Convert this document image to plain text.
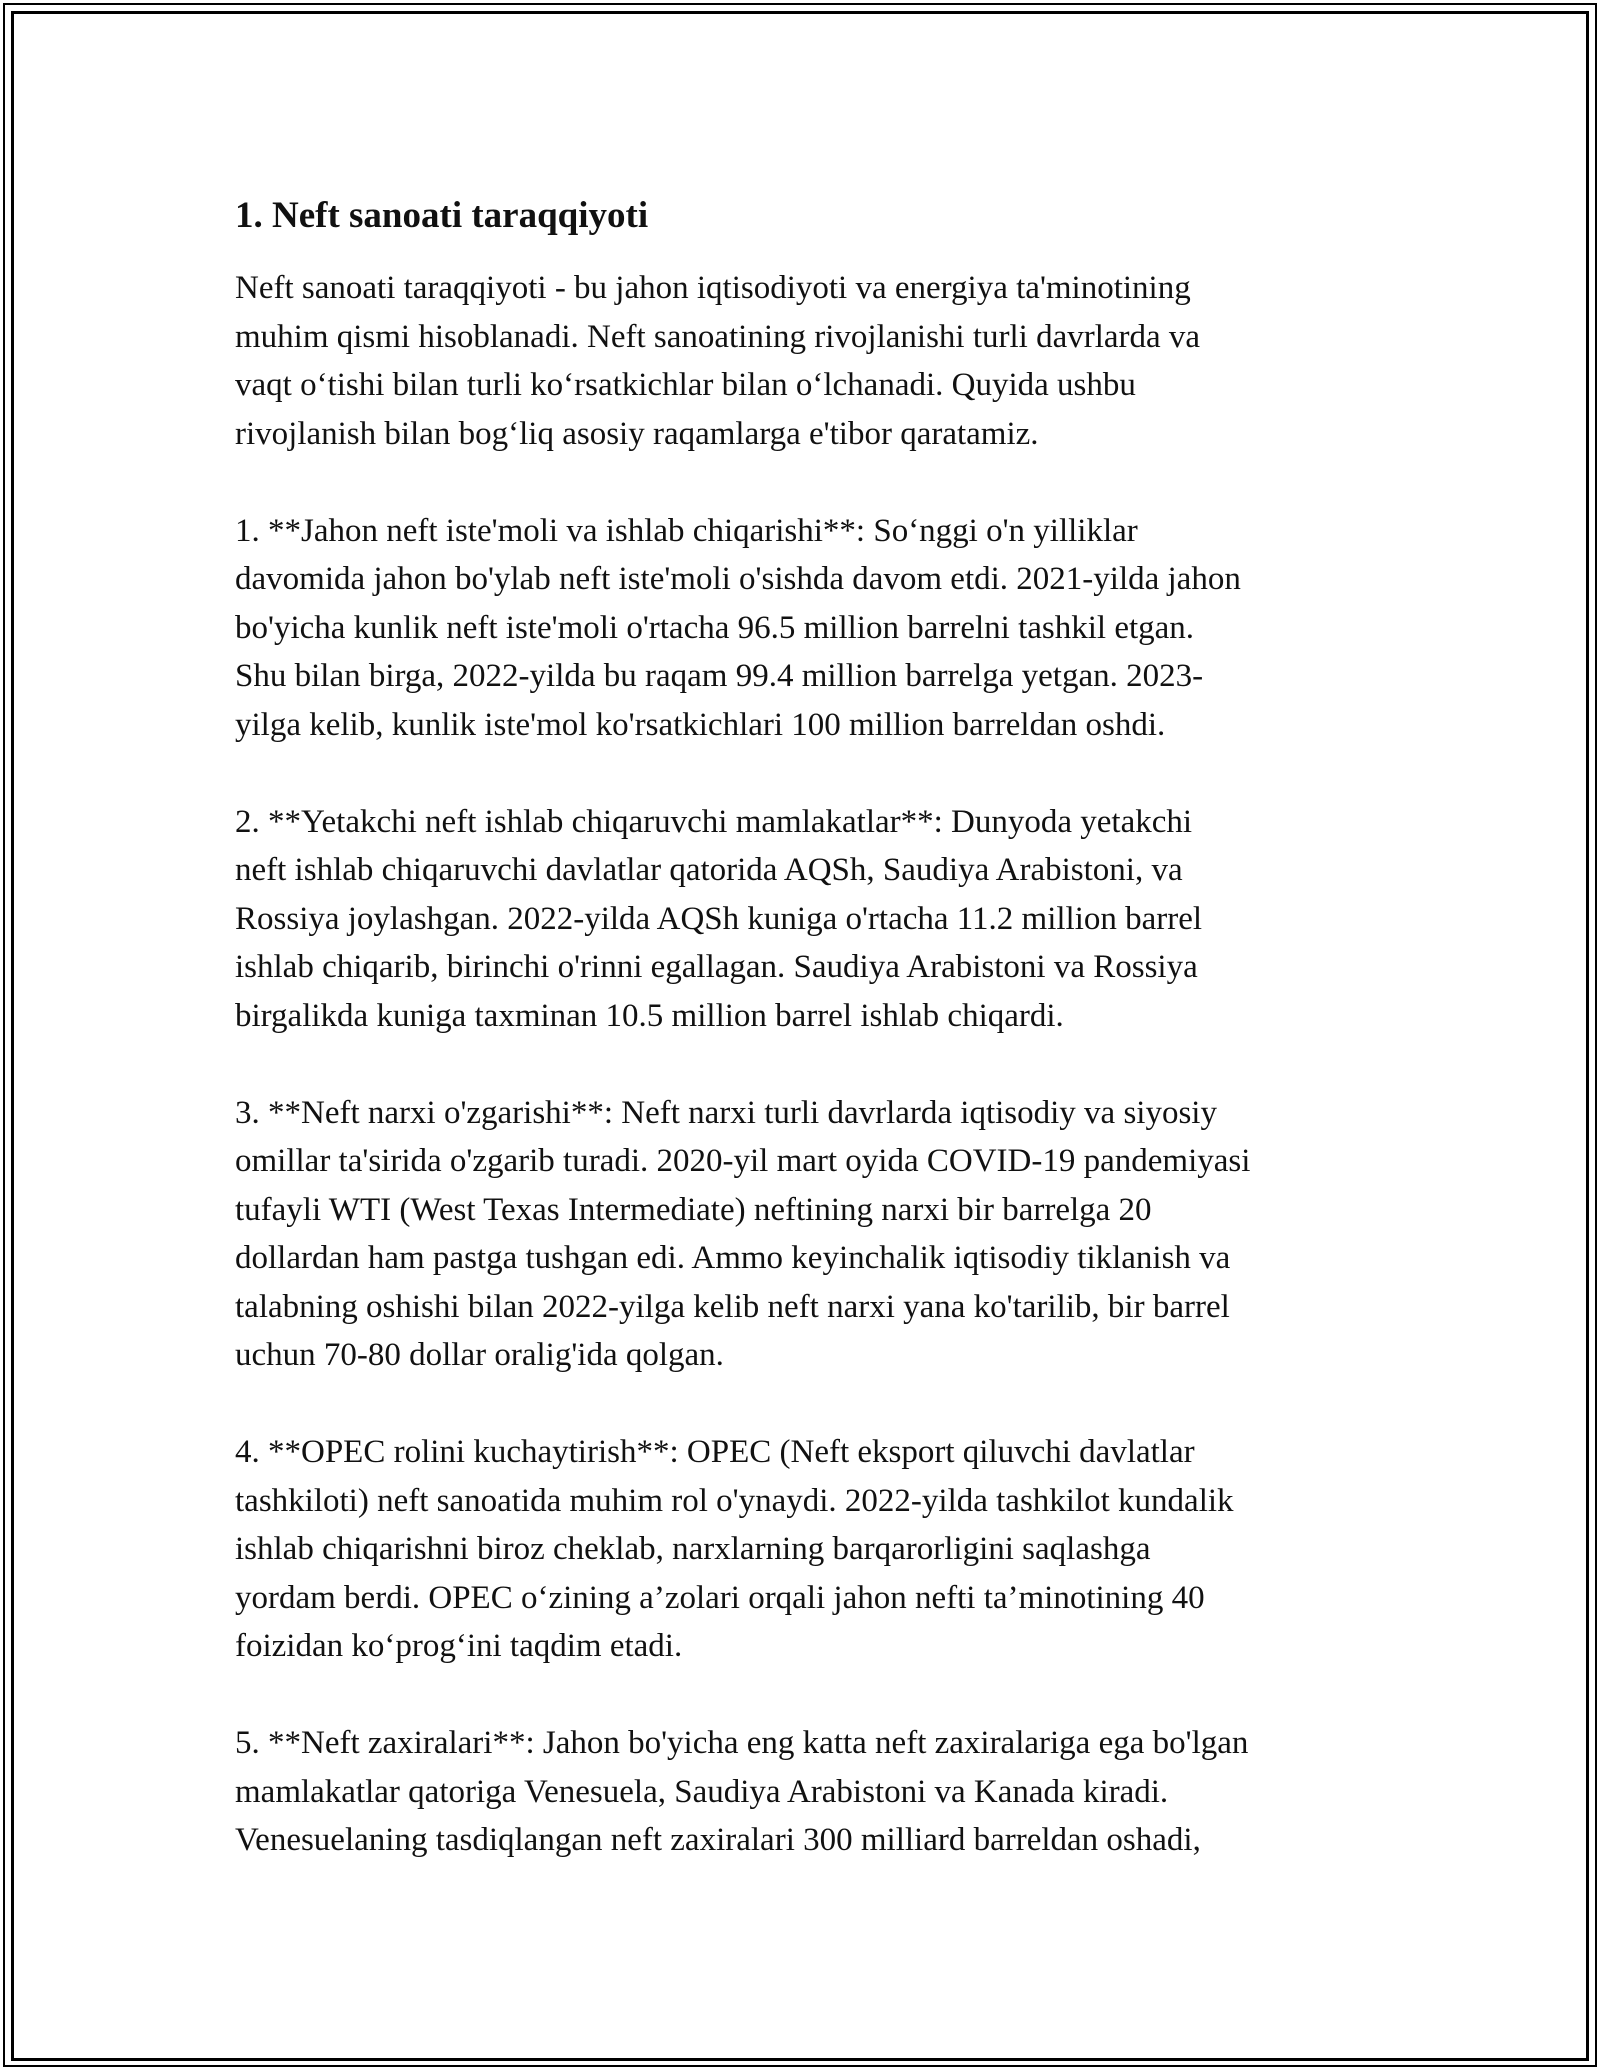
1. Neft sanoati taraqqiyoti

Neft sanoati taraqqiyoti - bu jahon iqtisodiyoti va energiya ta'minotining
muhim qismi hisoblanadi. Neft sanoatining rivojlanishi turli davrlarda va
vaqt o‘tishi bilan turli ko‘rsatkichlar bilan o‘lchanadi. Quyida ushbu
rivojlanish bilan bog‘liq asosiy raqamlarga e'tibor qaratamiz.

1. **Jahon neft iste'moli va ishlab chiqarishi**: So‘nggi o'n yilliklar
davomida jahon bo'ylab neft iste'moli o'sishda davom etdi. 2021-yilda jahon
bo'yicha kunlik neft iste'moli o'rtacha 96.5 million barrelni tashkil etgan.
Shu bilan birga, 2022-yilda bu raqam 99.4 million barrelga yetgan. 2023-
yilga kelib, kunlik iste'mol ko'rsatkichlari 100 million barreldan oshdi.

2. **Yetakchi neft ishlab chiqaruvchi mamlakatlar**: Dunyoda yetakchi
neft ishlab chiqaruvchi davlatlar qatorida AQSh, Saudiya Arabistoni, va
Rossiya joylashgan. 2022-yilda AQSh kuniga o'rtacha 11.2 million barrel
ishlab chiqarib, birinchi o'rinni egallagan. Saudiya Arabistoni va Rossiya
birgalikda kuniga taxminan 10.5 million barrel ishlab chiqardi.

3. **Neft narxi o'zgarishi**: Neft narxi turli davrlarda iqtisodiy va siyosiy
omillar ta'sirida o'zgarib turadi. 2020-yil mart oyida COVID-19 pandemiyasi
tufayli WTI (West Texas Intermediate) neftining narxi bir barrelga 20
dollardan ham pastga tushgan edi. Ammo keyinchalik iqtisodiy tiklanish va
talabning oshishi bilan 2022-yilga kelib neft narxi yana ko'tarilib, bir barrel
uchun 70-80 dollar oralig'ida qolgan.

4. **OPEC rolini kuchaytirish**: OPEC (Neft eksport qiluvchi davlatlar
tashkiloti) neft sanoatida muhim rol o'ynaydi. 2022-yilda tashkilot kundalik
ishlab chiqarishni biroz cheklab, narxlarning barqarorligini saqlashga
yordam berdi. OPEC o‘zining a’zolari orqali jahon nefti ta’minotining 40
foizidan ko‘prog‘ini taqdim etadi.

5. **Neft zaxiralari**: Jahon bo'yicha eng katta neft zaxiralariga ega bo'lgan
mamlakatlar qatoriga Venesuela, Saudiya Arabistoni va Kanada kiradi.
Venesuelaning tasdiqlangan neft zaxiralari 300 milliard barreldan oshadi,
